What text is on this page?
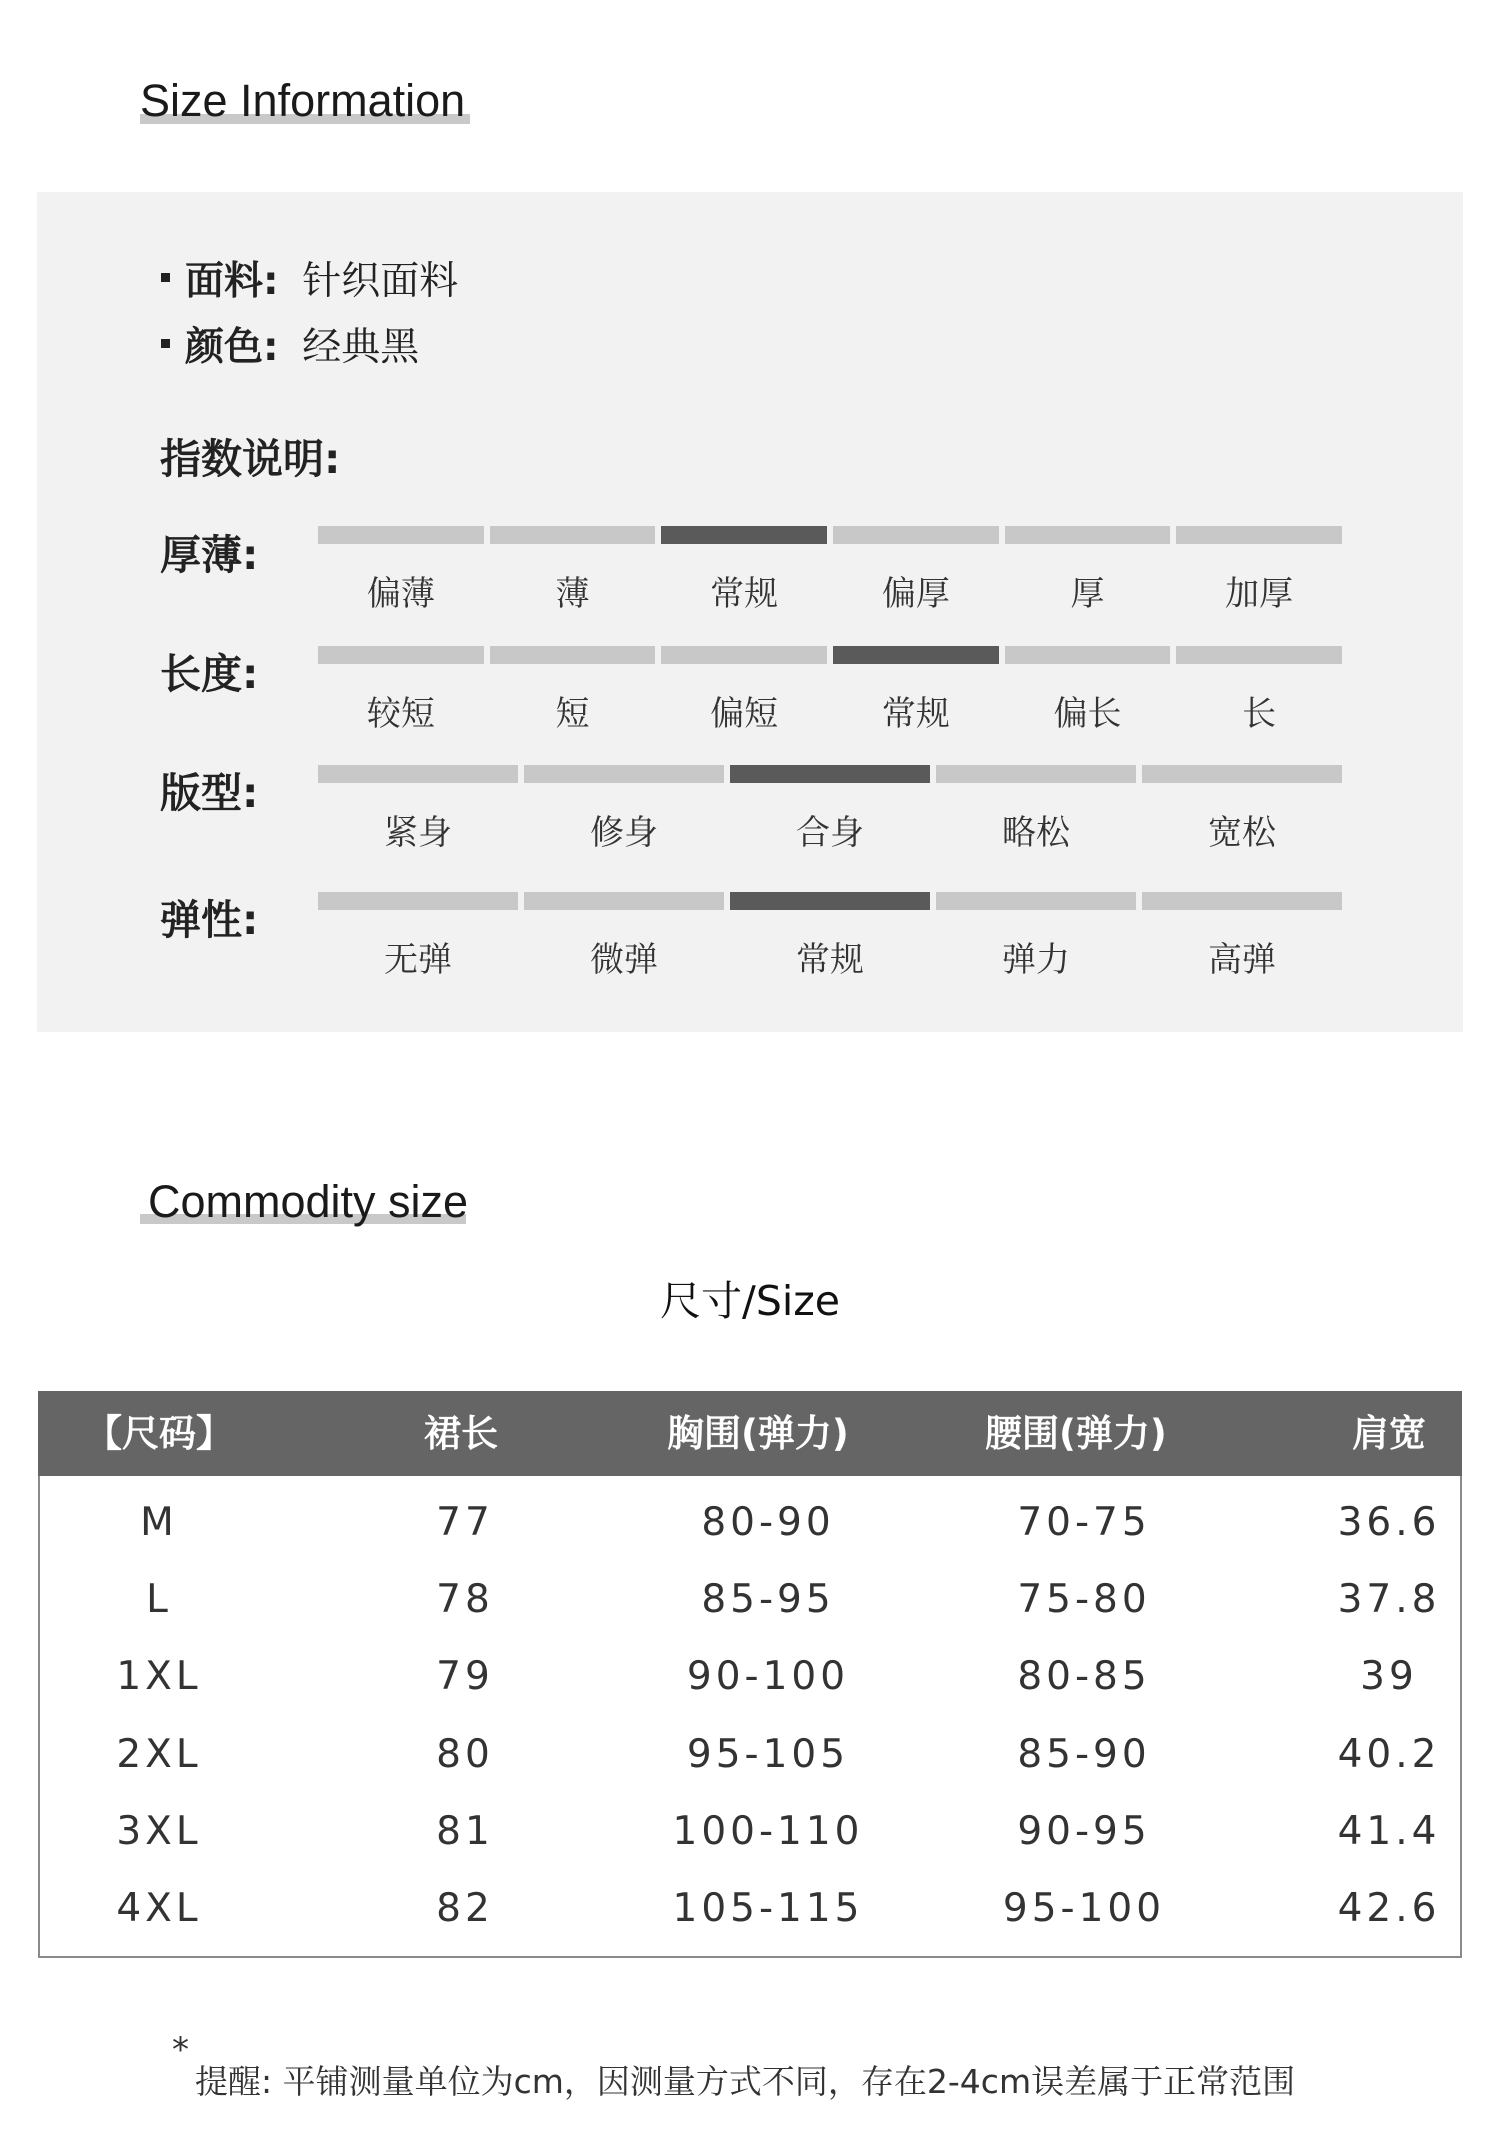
Size Information
面料: 针织面料
颜色: 经典黑
指数说明:
厚薄:
偏薄	薄	常规	偏厚	厚	加厚
长度:
较短	短	偏短	常规	偏长	长
版型:
紧身	修身	合身	略松	宽松
弹性:
无弹	微弹	常规	弹力	高弹
Commodity size
尺寸/Size
【尺码】	裙长	胸围(弹力)	腰围(弹力)	肩宽
M	77	80-90	70-75	36.6
L	78	85-95	75-80	37.8
1XL	79	90-100	80-85	39
2XL	80	95-105	85-90	40.2
3XL	81	100-110	90-95	41.4
4XL	82	105-115	95-100	42.6
*
提醒: 平铺测量单位为cm，因测量方式不同，存在2-4cm误差属于正常范围
